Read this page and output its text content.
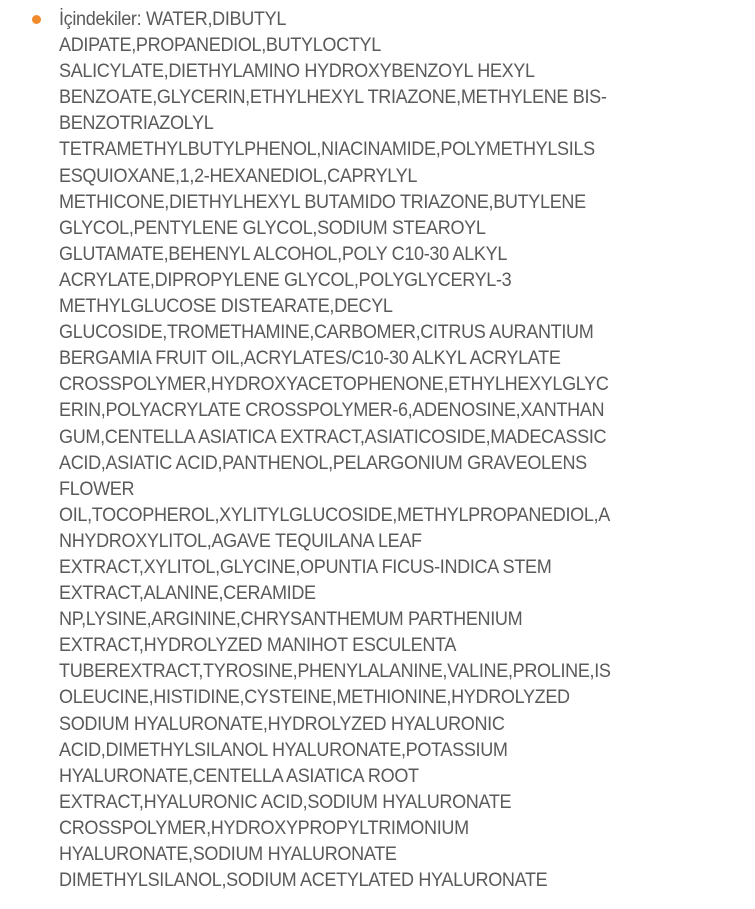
İçindekiler: WATER,DIBUTYL
ADIPATE,PROPANEDIOL,BUTYLOCTYL
SALICYLATE,DIETHYLAMINO HYDROXYBENZOYL HEXYL
BENZOATE,GLYCERIN,ETHYLHEXYL TRIAZONE,METHYLENE BIS-
BENZOTRIAZOLYL
TETRAMETHYLBUTYLPHENOL,NIACINAMIDE,POLYMETHYLSILS
ESQUIOXANE,1,2-HEXANEDIOL,CAPRYLYL
METHICONE,DIETHYLHEXYL BUTAMIDO TRIAZONE,BUTYLENE
GLYCOL,PENTYLENE GLYCOL,SODIUM STEAROYL
GLUTAMATE,BEHENYL ALCOHOL,POLY C10-30 ALKYL
ACRYLATE,DIPROPYLENE GLYCOL,POLYGLYCERYL-3
METHYLGLUCOSE DISTEARATE,DECYL
GLUCOSIDE,TROMETHAMINE,CARBOMER,CITRUS AURANTIUM
BERGAMIA FRUIT OIL,ACRYLATES/C10-30 ALKYL ACRYLATE
CROSSPOLYMER,HYDROXYACETOPHENONE,ETHYLHEXYLGLYC
ERIN,POLYACRYLATE CROSSPOLYMER-6,ADENOSINE,XANTHAN
GUM,CENTELLA ASIATICA EXTRACT,ASIATICOSIDE,MADECASSIC
ACID,ASIATIC ACID,PANTHENOL,PELARGONIUM GRAVEOLENS
FLOWER
OIL,TOCOPHEROL,XYLITYLGLUCOSIDE,METHYLPROPANEDIOL,A
NHYDROXYLITOL,AGAVE TEQUILANA LEAF
EXTRACT,XYLITOL,GLYCINE,OPUNTIA FICUS-INDICA STEM
EXTRACT,ALANINE,CERAMIDE
NP,LYSINE,ARGININE,CHRYSANTHEMUM PARTHENIUM
EXTRACT,HYDROLYZED MANIHOT ESCULENTA
TUBEREXTRACT,TYROSINE,PHENYLALANINE,VALINE,PROLINE,IS
OLEUCINE,HISTIDINE,CYSTEINE,METHIONINE,HYDROLYZED
SODIUM HYALURONATE,HYDROLYZED HYALURONIC
ACID,DIMETHYLSILANOL HYALURONATE,POTASSIUM
HYALURONATE,CENTELLA ASIATICA ROOT
EXTRACT,HYALURONIC ACID,SODIUM HYALURONATE
CROSSPOLYMER,HYDROXYPROPYLTRIMONIUM
HYALURONATE,SODIUM HYALURONATE
DIMETHYLSILANOL,SODIUM ACETYLATED HYALURONATE
